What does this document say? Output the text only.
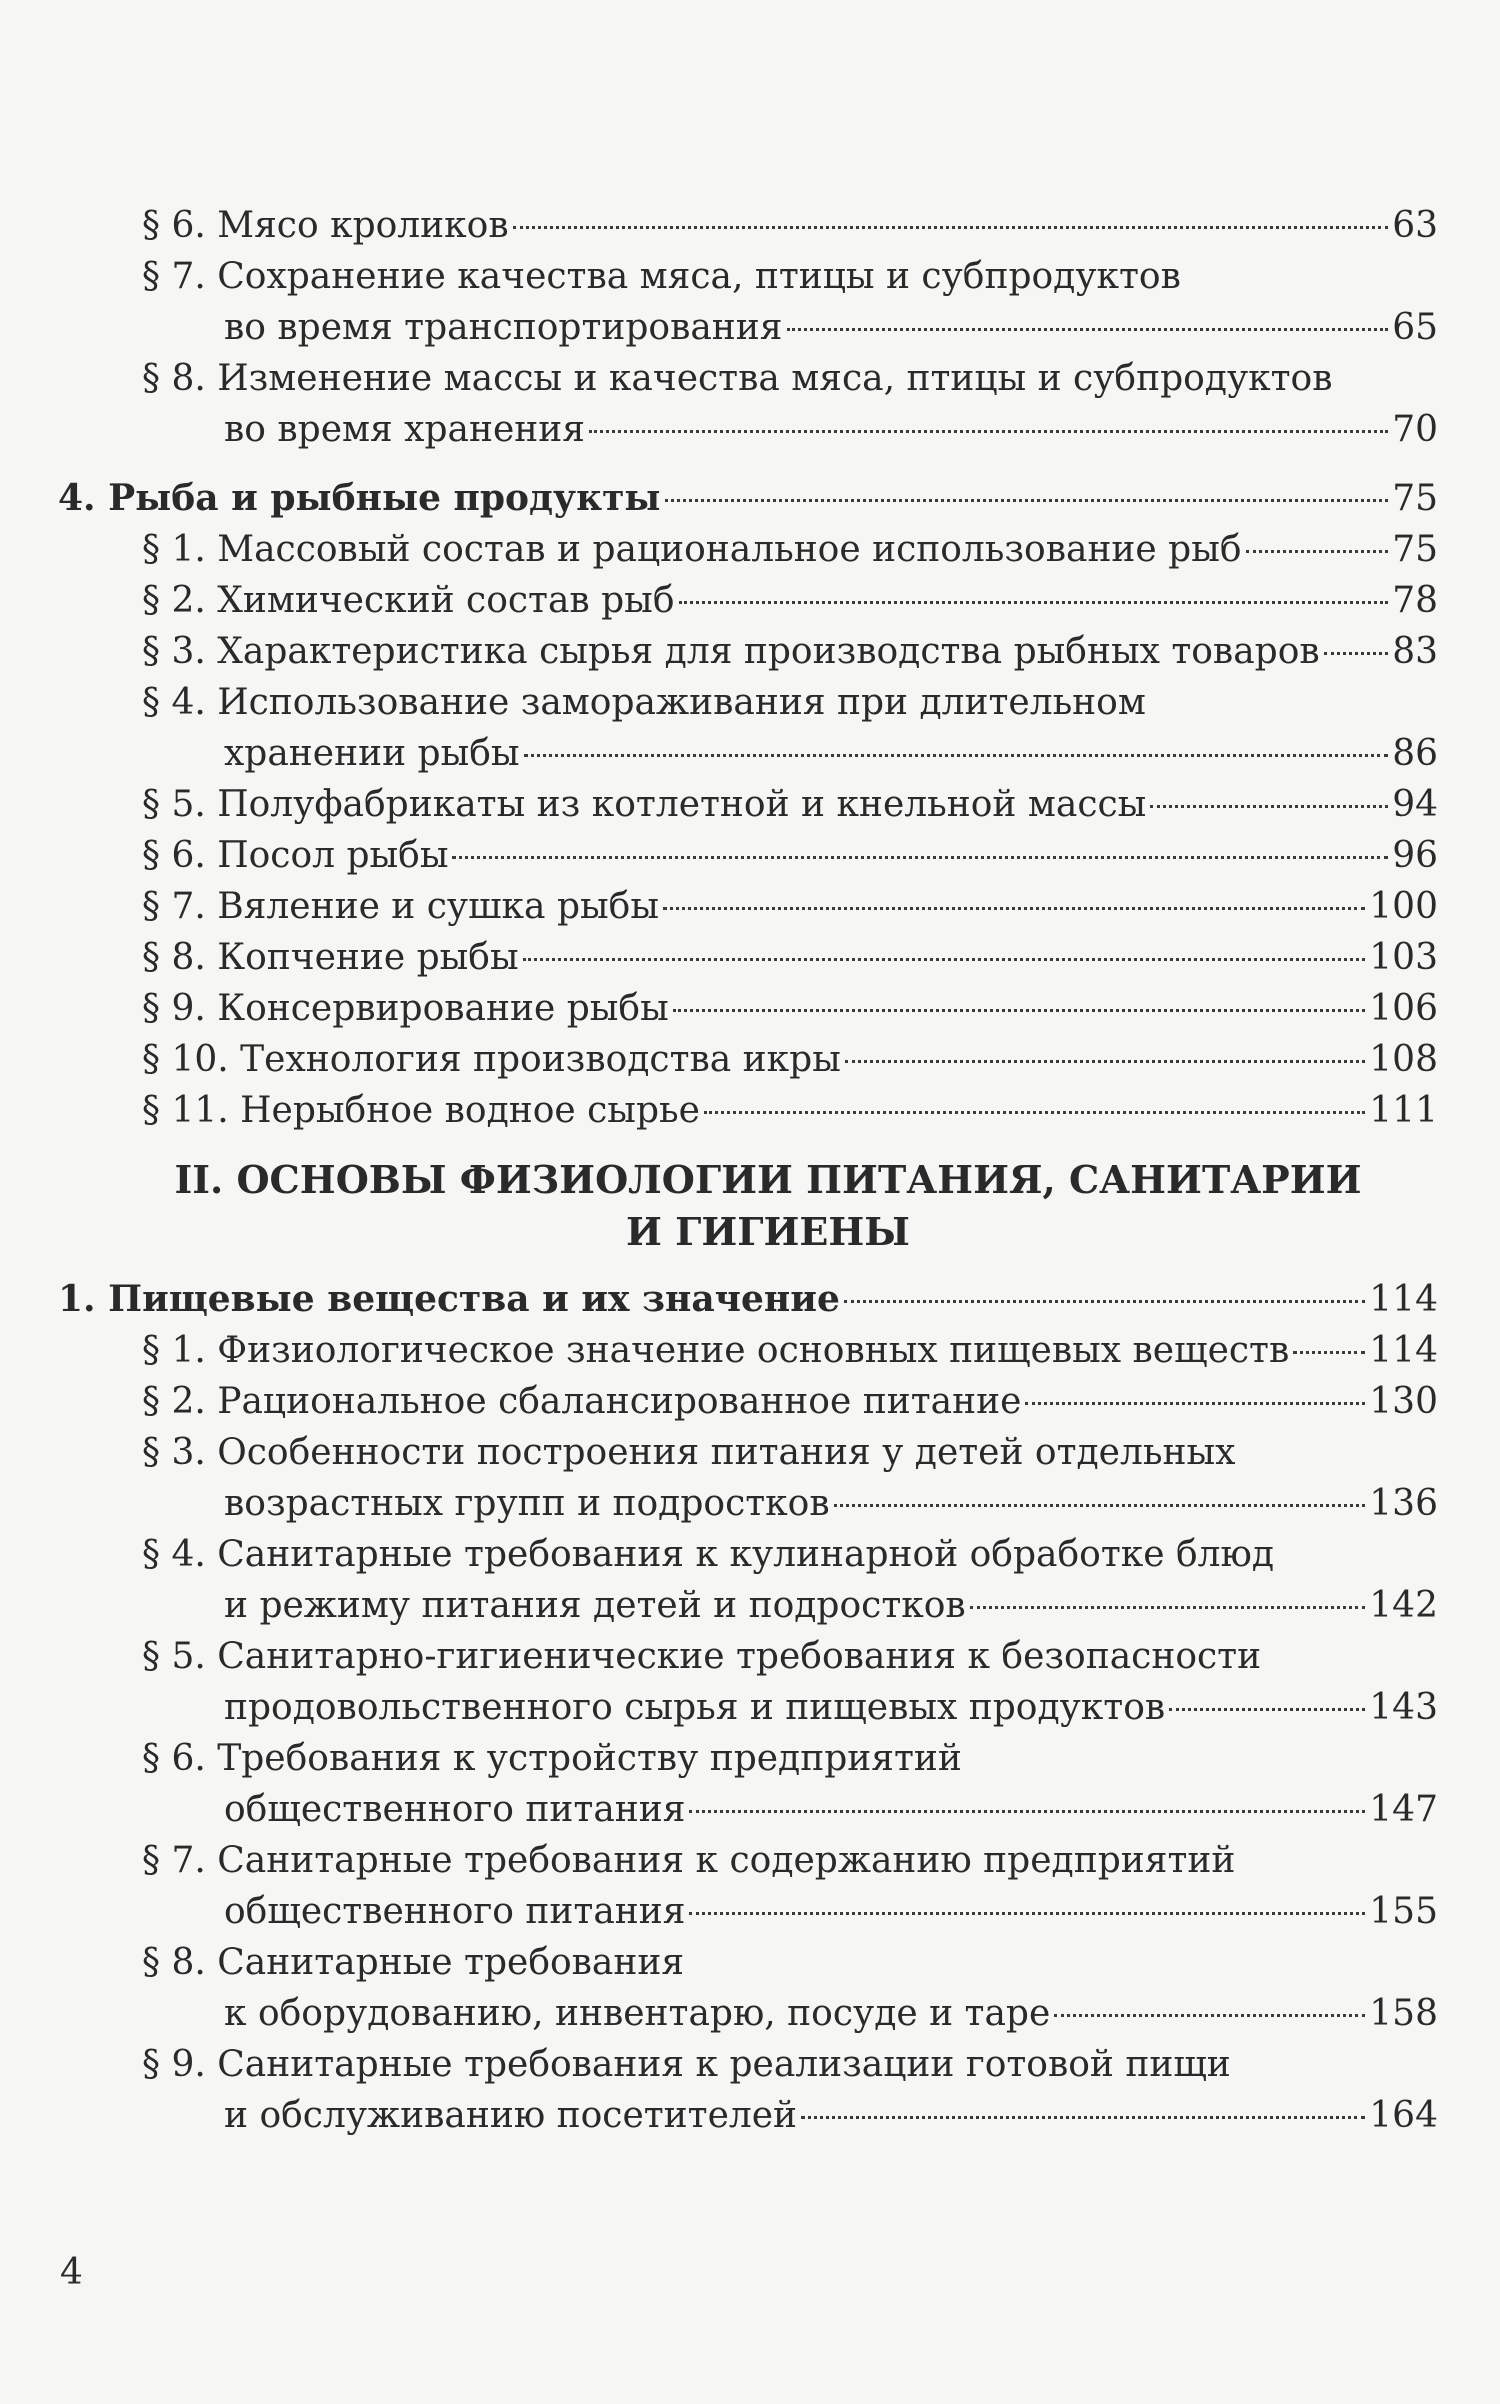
§ 6. Мясо кроликов	63
§ 7. Сохранение качества мяса, птицы и субпродуктов
во время транспортирования	65
§ 8. Изменение массы и качества мяса, птицы и субпродуктов
во время хранения	70
4. Рыба и рыбные продукты	75
§ 1. Массовый состав и рациональное использование рыб	75
§ 2. Химический состав рыб	78
§ 3. Характеристика сырья для производства рыбных товаров 83
§ 4. Использование замораживания при длительном
хранении рыбы	86
§ 5. Полуфабрикаты из котлетной и кнельной массы	94
§ 6. Посол рыбы	96
§ 7. Вяление и сушка рыбы	100
§ 8. Копчение рыбы	103
§ 9. Консервирование рыбы	106
§ 10. Технология производства икры	108
§ 11. Нерыбное водное сырье	111
II. ОСНОВЫ ФИЗИОЛОГИИ ПИТАНИЯ, САНИТАРИИ
И ГИГИЕНЫ
1. Пищевые вещества и их значение	114
§ 1. Физиологическое значение основных пищевых веществ 114
§ 2. Рациональное сбалансированное питание	130
§ 3. Особенности построения питания у детей отдельных
возрастных групп и подростков	136
§ 4. Санитарные требования к кулинарной обработке блюд
и режиму питания детей и подростков	142
§ 5. Санитарно-гигиенические требования к безопасности
продовольственного сырья и пищевых продуктов	143
§ 6. Требования к устройству предприятий
общественного питания	147
§ 7. Санитарные требования к содержанию предприятий
общественного питания	155
§ 8. Санитарные требования
к оборудованию, инвентарю, посуде и таре	158
§ 9. Санитарные требования к реализации готовой пищи
и обслуживанию посетителей	164
4
